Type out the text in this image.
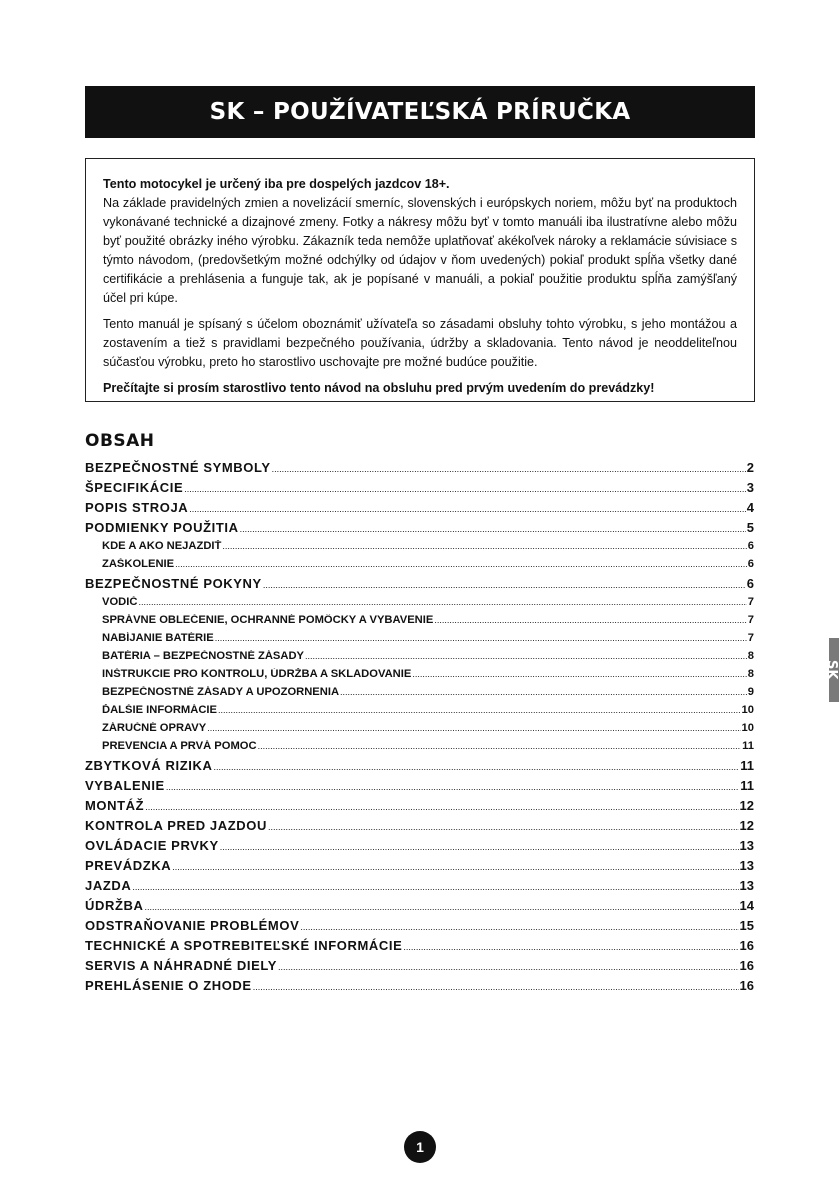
SK – POUŽÍVATEĽSKÁ PRÍRUČKA

Tento motocykel je určený iba pre dospelých jazdcov 18+.
Na základe pravidelných zmien a novelizácií smerníc, slovenských i európskych noriem, môžu byť na produktoch vykonávané technické a dizajnové zmeny. Fotky a nákresy môžu byť v tomto manuáli iba ilustratívne alebo môžu byť použité obrázky iného výrobku. Zákazník teda nemôže uplatňovať akékoľvek nároky a reklamácie súvisiace s týmto návodom, (predovšetkým možné odchýlky od údajov v ňom uvedených) pokiaľ produkt spĺňa všetky dané certifikácie a prehlásenia a funguje tak, ak je popísané v manuáli, a pokiaľ použitie produktu spĺňa zamýšľaný účel pri kúpe.

Tento manuál je spísaný s účelom oboznámiť užívateľa so zásadami obsluhy tohto výrobku, s jeho montážou a zostavením a tiež s pravidlami bezpečného používania, údržby a skladovania. Tento návod je neoddeliteľnou súčasťou výrobku, preto ho starostlivo uschovajte pre možné budúce použitie.

Prečítajte si prosím starostlivo tento návod na obsluhu pred prvým uvedením do prevádzky!

OBSAH
BEZPEČNOSTNÉ SYMBOLY .....	2
ŠPECIFIKÁCIE .....	3
POPIS STROJA .....	4
PODMIENKY POUŽITIA .....	5
KDE A AKO NEJAZDIŤ .....	6
ZAŠKOLENIE .....	6
BEZPEČNOSTNÉ POKYNY .....	6
VODIČ .....	7
SPRÁVNE OBLEČENIE, OCHRANNÉ POMÔCKY A VYBAVENIE .....	7
NABÍJANIE BATÉRIE .....	7
BATÉRIA – BEZPEČNOSTNÉ ZÁSADY .....	8
INŠTRUKCIE PRO KONTROLU, ÚDRŽBA A SKLADOVANIE .....	8
BEZPEČNOSTNÉ ZÁSADY A UPOZORNENIA .....	9
ĎALŠIE INFORMÁCIE .....	10
ZÁRUČNÉ OPRAVY .....	10
PREVENCIA A PRVÁ POMOC .....	11
ZBYTKOVÁ RIZIKA .....	11
VYBALENIE .....	11
MONTÁŽ .....	12
KONTROLA PRED JAZDOU .....	12
OVLÁDACIE PRVKY .....	13
PREVÁDZKA .....	13
JAZDA .....	13
ÚDRŽBA .....	14
ODSTRAŇOVANIE PROBLÉMOV .....	15
TECHNICKÉ A SPOTREBITEĽSKÉ INFORMÁCIE .....	16
SERVIS A NÁHRADNÉ DIELY .....	16
PREHLÁSENIE O ZHODE .....	16
SK
1
